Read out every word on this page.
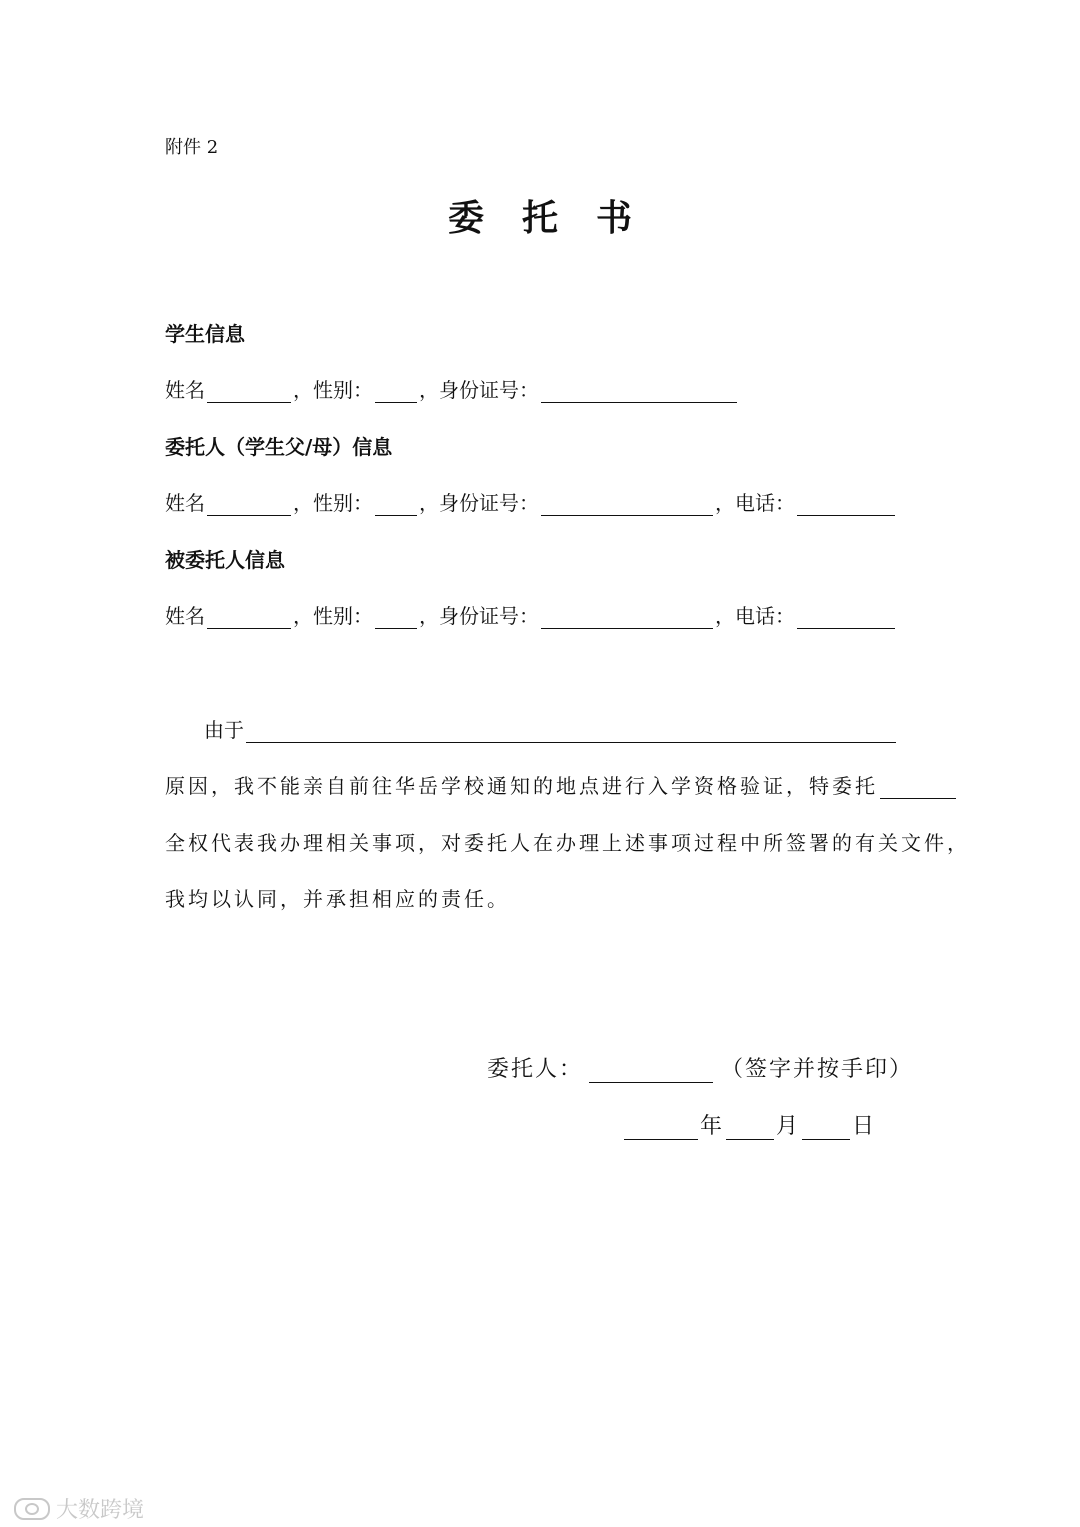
附件 2
委托书
学生信息
姓名	，性别： ，身份证号：
委托人（学生父/母）信息
姓名	，性别： ，身份证号：	，电话：
被委托人信息
姓名	，性别： ，身份证号：	，电话：
由于
原因，我不能亲自前往华岳学校通知的地点进行入学资格验证，特委托
全权代表我办理相关事项，对委托人在办理上述事项过程中所签署的有关文件，
我均以认同，并承担相应的责任。
委托人：	（签字并按手印）
年 月 日
大数跨境
